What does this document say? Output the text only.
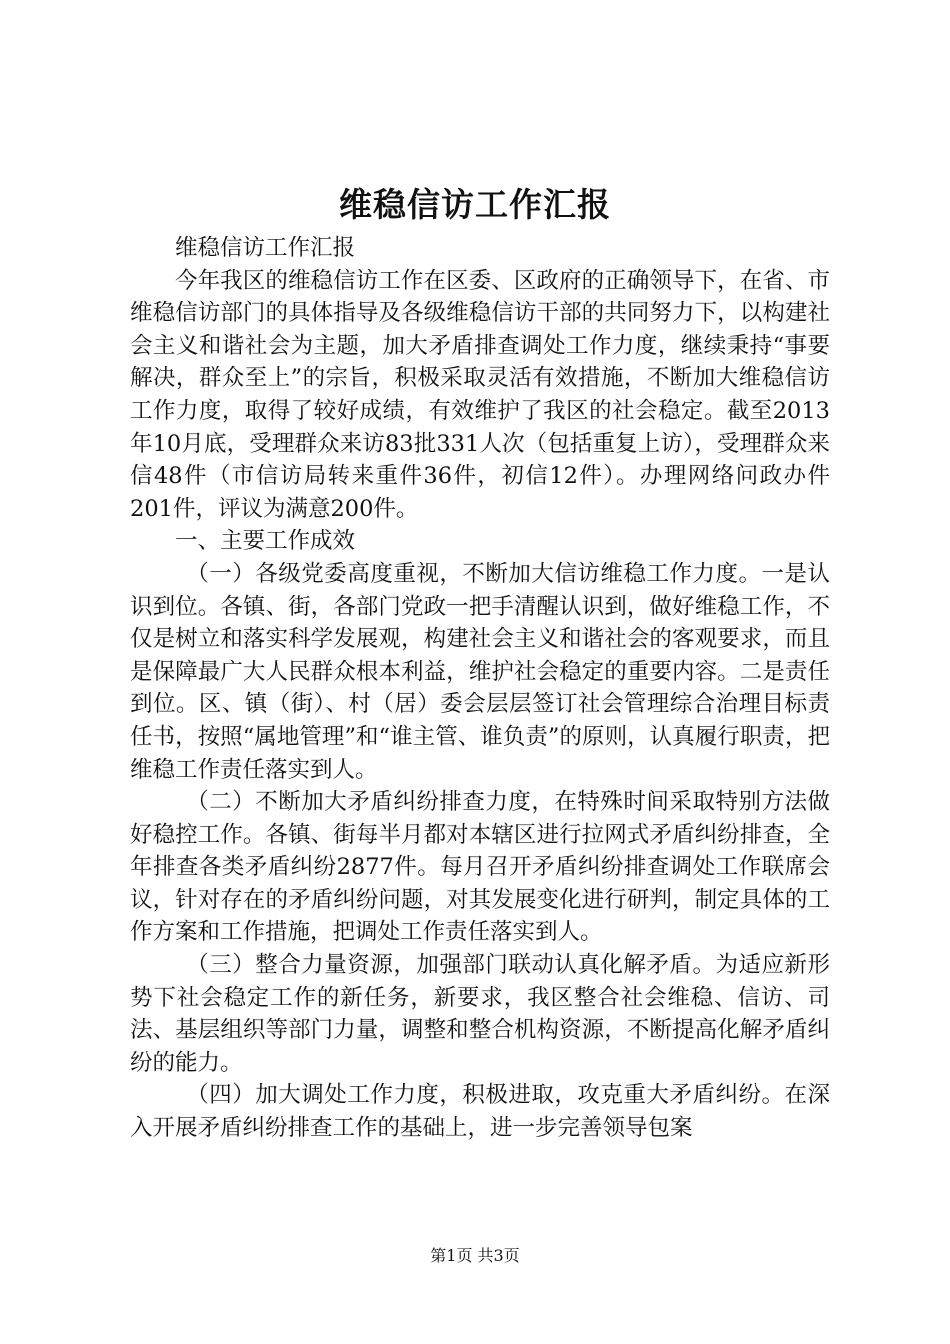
维稳信访工作汇报

维稳信访工作汇报

今年我区的维稳信访工作在区委、区政府的正确领导下，在省、市维稳信访部门的具体指导及各级维稳信访干部的共同努力下，以构建社会主义和谐社会为主题，加大矛盾排查调处工作力度，继续秉持“事要解决，群众至上”的宗旨，积极采取灵活有效措施，不断加大维稳信访工作力度，取得了较好成绩，有效维护了我区的社会稳定。截至2013年10月底，受理群众来访83批331人次（包括重复上访），受理群众来信48件（市信访局转来重件36件，初信12件）。办理网络问政办件201件，评议为满意200件。

一、主要工作成效

（一）各级党委高度重视，不断加大信访维稳工作力度。一是认识到位。各镇、街，各部门党政一把手清醒认识到，做好维稳工作，不仅是树立和落实科学发展观，构建社会主义和谐社会的客观要求，而且是保障最广大人民群众根本利益，维护社会稳定的重要内容。二是责任到位。区、镇（街）、村（居）委会层层签订社会管理综合治理目标责任书，按照“属地管理”和“谁主管、谁负责”的原则，认真履行职责，把维稳工作责任落实到人。

（二）不断加大矛盾纠纷排查力度，在特殊时间采取特别方法做好稳控工作。各镇、街每半月都对本辖区进行拉网式矛盾纠纷排查，全年排查各类矛盾纠纷2877件。每月召开矛盾纠纷排查调处工作联席会议，针对存在的矛盾纠纷问题，对其发展变化进行研判，制定具体的工作方案和工作措施，把调处工作责任落实到人。

（三）整合力量资源，加强部门联动认真化解矛盾。为适应新形势下社会稳定工作的新任务，新要求，我区整合社会维稳、信访、司法、基层组织等部门力量，调整和整合机构资源，不断提高化解矛盾纠纷的能力。

（四）加大调处工作力度，积极进取，攻克重大矛盾纠纷。在深入开展矛盾纠纷排查工作的基础上，进一步完善领导包案

第1页 共3页
